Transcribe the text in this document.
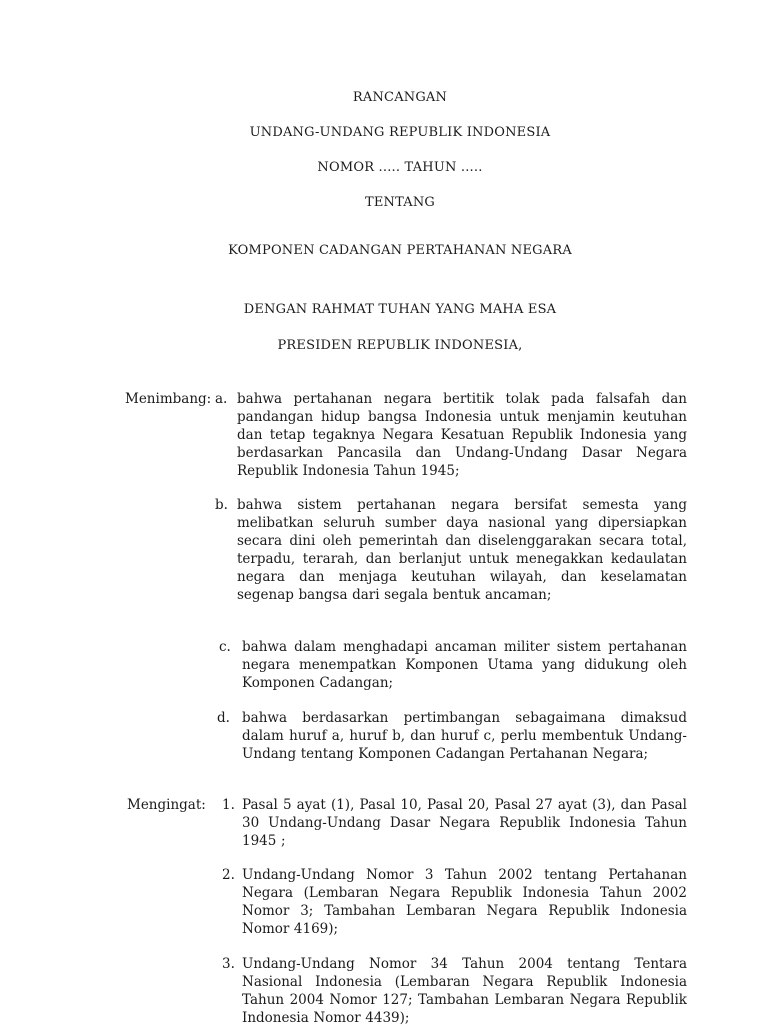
RANCANGAN
UNDANG-UNDANG REPUBLIK INDONESIA
NOMOR ..... TAHUN .....
TENTANG
KOMPONEN CADANGAN PERTAHANAN NEGARA
DENGAN RAHMAT TUHAN YANG MAHA ESA
PRESIDEN REPUBLIK INDONESIA,
Menimbang: a. bahwa pertahanan negara bertitik tolak pada falsafah dan pandangan hidup bangsa Indonesia untuk menjamin keutuhan dan tetap tegaknya Negara Kesatuan Republik Indonesia yang berdasarkan Pancasila dan Undang-Undang Dasar Negara Republik Indonesia Tahun 1945;
b. bahwa sistem pertahanan negara bersifat semesta yang melibatkan seluruh sumber daya nasional yang dipersiapkan secara dini oleh pemerintah dan diselenggarakan secara total, terpadu, terarah, dan berlanjut untuk menegakkan kedaulatan negara dan menjaga keutuhan wilayah, dan keselamatan segenap bangsa dari segala bentuk ancaman;
c. bahwa dalam menghadapi ancaman militer sistem pertahanan negara menempatkan Komponen Utama yang didukung oleh Komponen Cadangan;
d. bahwa berdasarkan pertimbangan sebagaimana dimaksud dalam huruf a, huruf b, dan huruf c, perlu membentuk Undang-Undang tentang Komponen Cadangan Pertahanan Negara;
Mengingat: 1. Pasal 5 ayat (1), Pasal 10, Pasal 20, Pasal 27 ayat (3), dan Pasal 30 Undang-Undang Dasar Negara Republik Indonesia Tahun 1945 ;
2. Undang-Undang Nomor 3 Tahun 2002 tentang Pertahanan Negara (Lembaran Negara Republik Indonesia Tahun 2002 Nomor 3; Tambahan Lembaran Negara Republik Indonesia Nomor 4169);
3. Undang-Undang Nomor 34 Tahun 2004 tentang Tentara Nasional Indonesia (Lembaran Negara Republik Indonesia Tahun 2004 Nomor 127; Tambahan Lembaran Negara Republik Indonesia Nomor 4439);
